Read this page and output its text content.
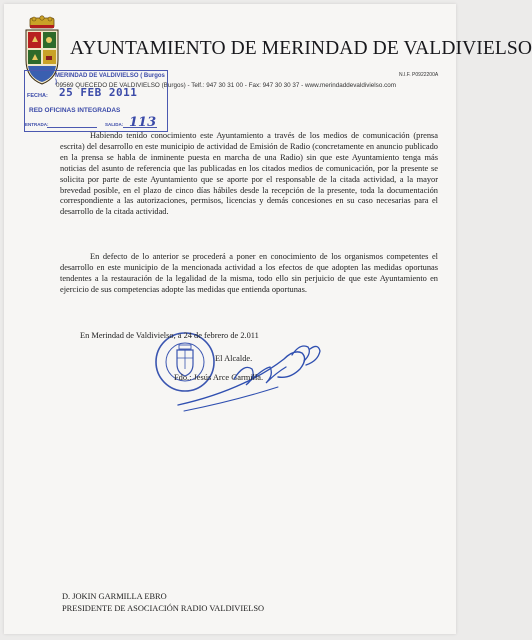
AYUNTAMIENTO DE MERINDAD DE VALDIVIELSO
N.I.F. P0922200A
09569 QUECEDO DE VALDIVIELSO (Burgos) - Telf.: 947 30 31 00 - Fax: 947 30 30 37 - www.merindaddevaldivielso.com
MERINDAD DE VALDIVIELSO ( Burgos )
FECHA: 25 FEB 2011
RED OFICINAS INTEGRADAS
ENTRADA:	SALIDA: 113
Habiendo tenido conocimiento este Ayuntamiento a través de los medios de comunicación (prensa escrita) del desarrollo en este municipio de actividad de Emisión de Radio (concretamente en anuncio publicado en la prensa se habla de inminente puesta en marcha de una Radio) sin que este Ayuntamiento tenga más noticias del asunto de referencia que las publicadas en los citados medios de comunicación, por la presente se solicita por parte de este Ayuntamiento que se aporte por el responsable de la citada actividad, a la mayor brevedad posible, en el plazo de cinco días hábiles desde la recepción de la presente, toda la documentación correspondiente a las autorizaciones, permisos, licencias y demás concesiones en su caso necesarias para el desarrollo de la citada actividad.
En defecto de lo anterior se procederá a poner en conocimiento de los organismos competentes el desarrollo en este municipio de la mencionada actividad a los efectos de que adopten las medidas oportunas tendentes a la restauración de la legalidad de la misma, todo ello sin perjuicio de que este Ayuntamiento en ejercicio de sus competencias adopte las medidas que entienda oportunas.
En Merindad de Valdivielso, a 24 de febrero de 2.011
El Alcalde.
Fdo.: Jesús Arce Garmilla.
D. JOKIN GARMILLA EBRO
PRESIDENTE DE ASOCIACIÓN RADIO VALDIVIELSO
